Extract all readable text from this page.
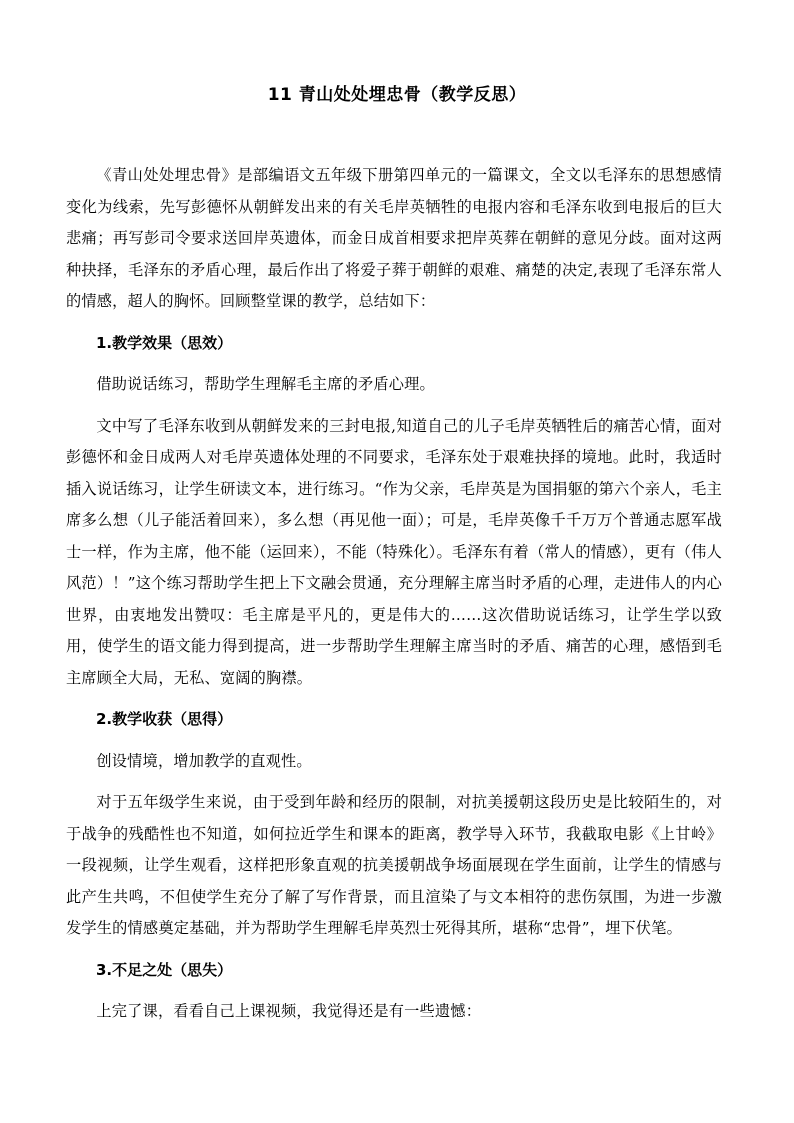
11 青山处处埋忠骨（教学反思）

《青山处处埋忠骨》是部编语文五年级下册第四单元的一篇课文，全文以毛泽东的思想感情变化为线索，先写彭德怀从朝鲜发出来的有关毛岸英牺牲的电报内容和毛泽东收到电报后的巨大悲痛；再写彭司令要求送回岸英遗体，而金日成首相要求把岸英葬在朝鲜的意见分歧。面对这两种抉择，毛泽东的矛盾心理，最后作出了将爱子葬于朝鲜的艰难、痛楚的决定,表现了毛泽东常人的情感，超人的胸怀。回顾整堂课的教学，总结如下：

1.教学效果（思效）

借助说话练习，帮助学生理解毛主席的矛盾心理。

文中写了毛泽东收到从朝鲜发来的三封电报,知道自己的儿子毛岸英牺牲后的痛苦心情，面对彭德怀和金日成两人对毛岸英遗体处理的不同要求，毛泽东处于艰难抉择的境地。此时，我适时插入说话练习，让学生研读文本，进行练习。“作为父亲，毛岸英是为国捐躯的第六个亲人，毛主席多么想（儿子能活着回来），多么想（再见他一面）；可是，毛岸英像千千万万个普通志愿军战士一样，作为主席，他不能（运回来），不能（特殊化）。毛泽东有着（常人的情感），更有（伟人风范）！”这个练习帮助学生把上下文融会贯通，充分理解主席当时矛盾的心理，走进伟人的内心世界，由衷地发出赞叹：毛主席是平凡的，更是伟大的……这次借助说话练习，让学生学以致用，使学生的语文能力得到提高，进一步帮助学生理解主席当时的矛盾、痛苦的心理，感悟到毛主席顾全大局，无私、宽阔的胸襟。

2.教学收获（思得）

创设情境，增加教学的直观性。

对于五年级学生来说，由于受到年龄和经历的限制，对抗美援朝这段历史是比较陌生的，对于战争的残酷性也不知道，如何拉近学生和课本的距离，教学导入环节，我截取电影《上甘岭》一段视频，让学生观看，这样把形象直观的抗美援朝战争场面展现在学生面前，让学生的情感与此产生共鸣，不但使学生充分了解了写作背景，而且渲染了与文本相符的悲伤氛围，为进一步激发学生的情感奠定基础，并为帮助学生理解毛岸英烈士死得其所，堪称“忠骨”，埋下伏笔。

3.不足之处（思失）

上完了课，看看自己上课视频，我觉得还是有一些遗憾：
